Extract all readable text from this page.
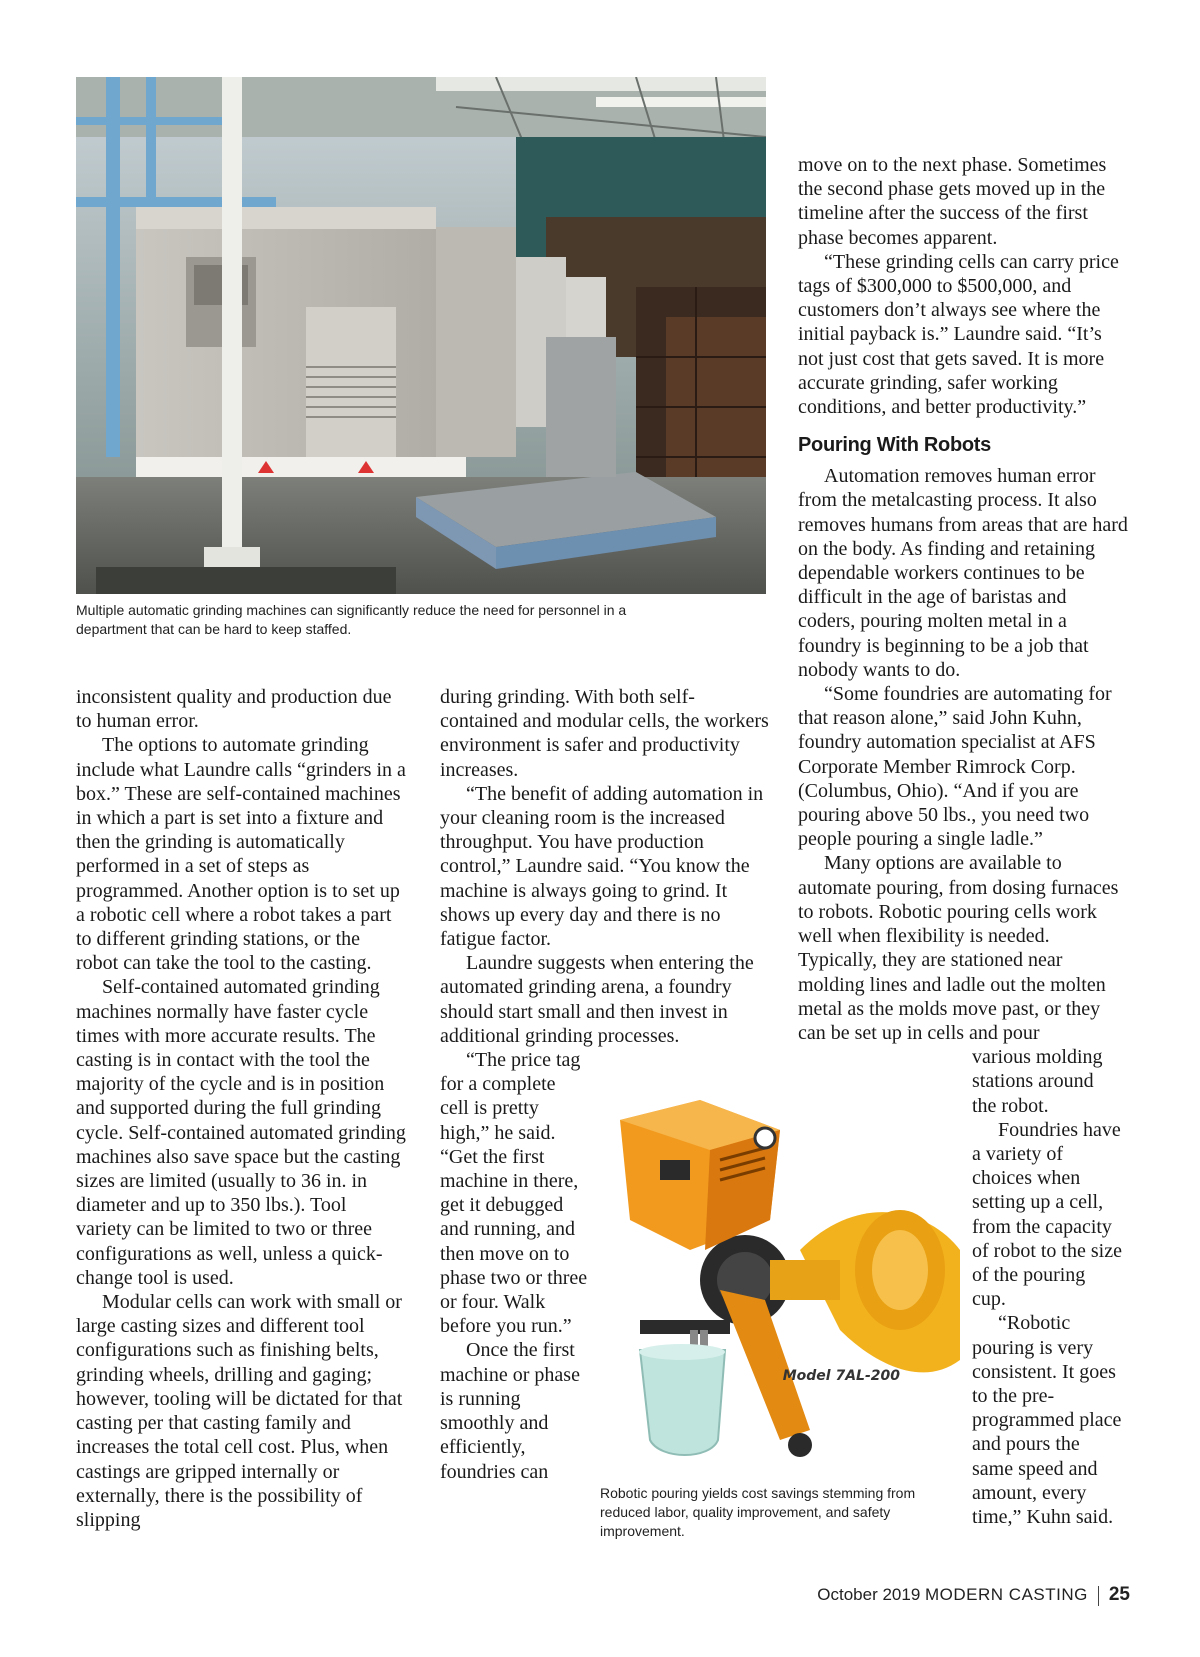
Multiple automatic grinding machines can significantly reduce the need for personnel in a department that can be hard to keep staffed.

inconsistent quality and production due to human error.

The options to automate grinding include what Laundre calls “grinders in a box.” These are self-contained machines in which a part is set into a fixture and then the grinding is automatically performed in a set of steps as programmed. Another option is to set up a robotic cell where a robot takes a part to different grinding stations, or the robot can take the tool to the casting.

Self-contained automated grinding machines normally have faster cycle times with more accurate results. The casting is in contact with the tool the majority of the cycle and is in position and supported during the full grinding cycle. Self-contained automated grinding machines also save space but the casting sizes are limited (usually to 36 in. in diameter and up to 350 lbs.). Tool variety can be limited to two or three configurations as well, unless a quick-change tool is used.

Modular cells can work with small or large casting sizes and different tool configurations such as finishing belts, grinding wheels, drilling and gaging; however, tooling will be dictated for that casting per that casting family and increases the total cell cost. Plus, when castings are gripped internally or externally, there is the possibility of slipping

during grinding. With both self-contained and modular cells, the workers environment is safer and productivity increases.

“The benefit of adding automation in your cleaning room is the increased throughput. You have production control,” Laundre said. “You know the machine is always going to grind. It shows up every day and there is no fatigue factor.

Laundre suggests when entering the automated grinding arena, a foundry should start small and then invest in additional grinding processes.

“The price tag for a complete cell is pretty high,” he said. “Get the first machine in there, get it debugged and running, and then move on to phase two or three or four. Walk before you run.”

Once the first machine or phase is running smoothly and efficiently, foundries can

Model 7AL-200
Robotic pouring yields cost savings stemming from reduced labor, quality improvement, and safety improvement.

move on to the next phase. Sometimes the second phase gets moved up in the timeline after the success of the first phase becomes apparent.

“These grinding cells can carry price tags of $300,000 to $500,000, and customers don’t always see where the initial payback is.” Laundre said. “It’s not just cost that gets saved. It is more accurate grinding, safer working conditions, and better productivity.”

Pouring With Robots

Automation removes human error from the metalcasting process. It also removes humans from areas that are hard on the body. As finding and retaining dependable workers continues to be difficult in the age of baristas and coders, pouring molten metal in a foundry is beginning to be a job that nobody wants to do.

“Some foundries are automating for that reason alone,” said John Kuhn, foundry automation specialist at AFS Corporate Member Rimrock Corp. (Columbus, Ohio). “And if you are pouring above 50 lbs., you need two people pouring a single ladle.”

Many options are available to automate pouring, from dosing furnaces to robots. Robotic pouring cells work well when flexibility is needed. Typically, they are stationed near molding lines and ladle out the molten metal as the molds move past, or they can be set up in cells and pour

various molding stations around the robot.

Foundries have a variety of choices when setting up a cell, from the capacity of robot to the size of the pouring cup.

“Robotic pouring is very consistent. It goes to the pre-programmed place and pours the same speed and amount, every time,” Kuhn said.

October 2019 MODERN CASTING 25
